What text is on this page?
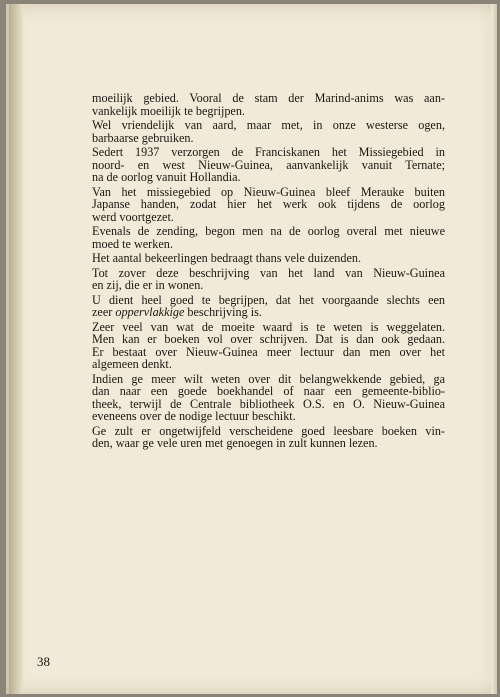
moeilijk gebied. Vooral de stam der Marind-anims was aan-
vankelijk moeilijk te begrijpen.

Wel vriendelijk van aard, maar met, in onze westerse ogen,
barbaarse gebruiken.

Sedert 1937 verzorgen de Franciskanen het Missiegebied in
noord- en west Nieuw-Guinea, aanvankelijk vanuit Ternate;
na de oorlog vanuit Hollandia.

Van het missiegebied op Nieuw-Guinea bleef Merauke buiten
Japanse handen, zodat hier het werk ook tijdens de oorlog
werd voortgezet.

Evenals de zending, begon men na de oorlog overal met nieuwe
moed te werken.

Het aantal bekeerlingen bedraagt thans vele duizenden.

Tot zover deze beschrijving van het land van Nieuw-Guinea
en zij, die er in wonen.

U dient heel goed te begrijpen, dat het voorgaande slechts een
zeer oppervlakkige beschrijving is.

Zeer veel van wat de moeite waard is te weten is weggelaten.
Men kan er boeken vol over schrijven. Dat is dan ook gedaan.
Er bestaat over Nieuw-Guinea meer lectuur dan men over het
algemeen denkt.

Indien ge meer wilt weten over dit belangwekkende gebied, ga
dan naar een goede boekhandel of naar een gemeente-biblio-
theek, terwijl de Centrale bibliotheek O.S. en O. Nieuw-Guinea
eveneens over de nodige lectuur beschikt.

Ge zult er ongetwijfeld verscheidene goed leesbare boeken vin-
den, waar ge vele uren met genoegen in zult kunnen lezen.

38
